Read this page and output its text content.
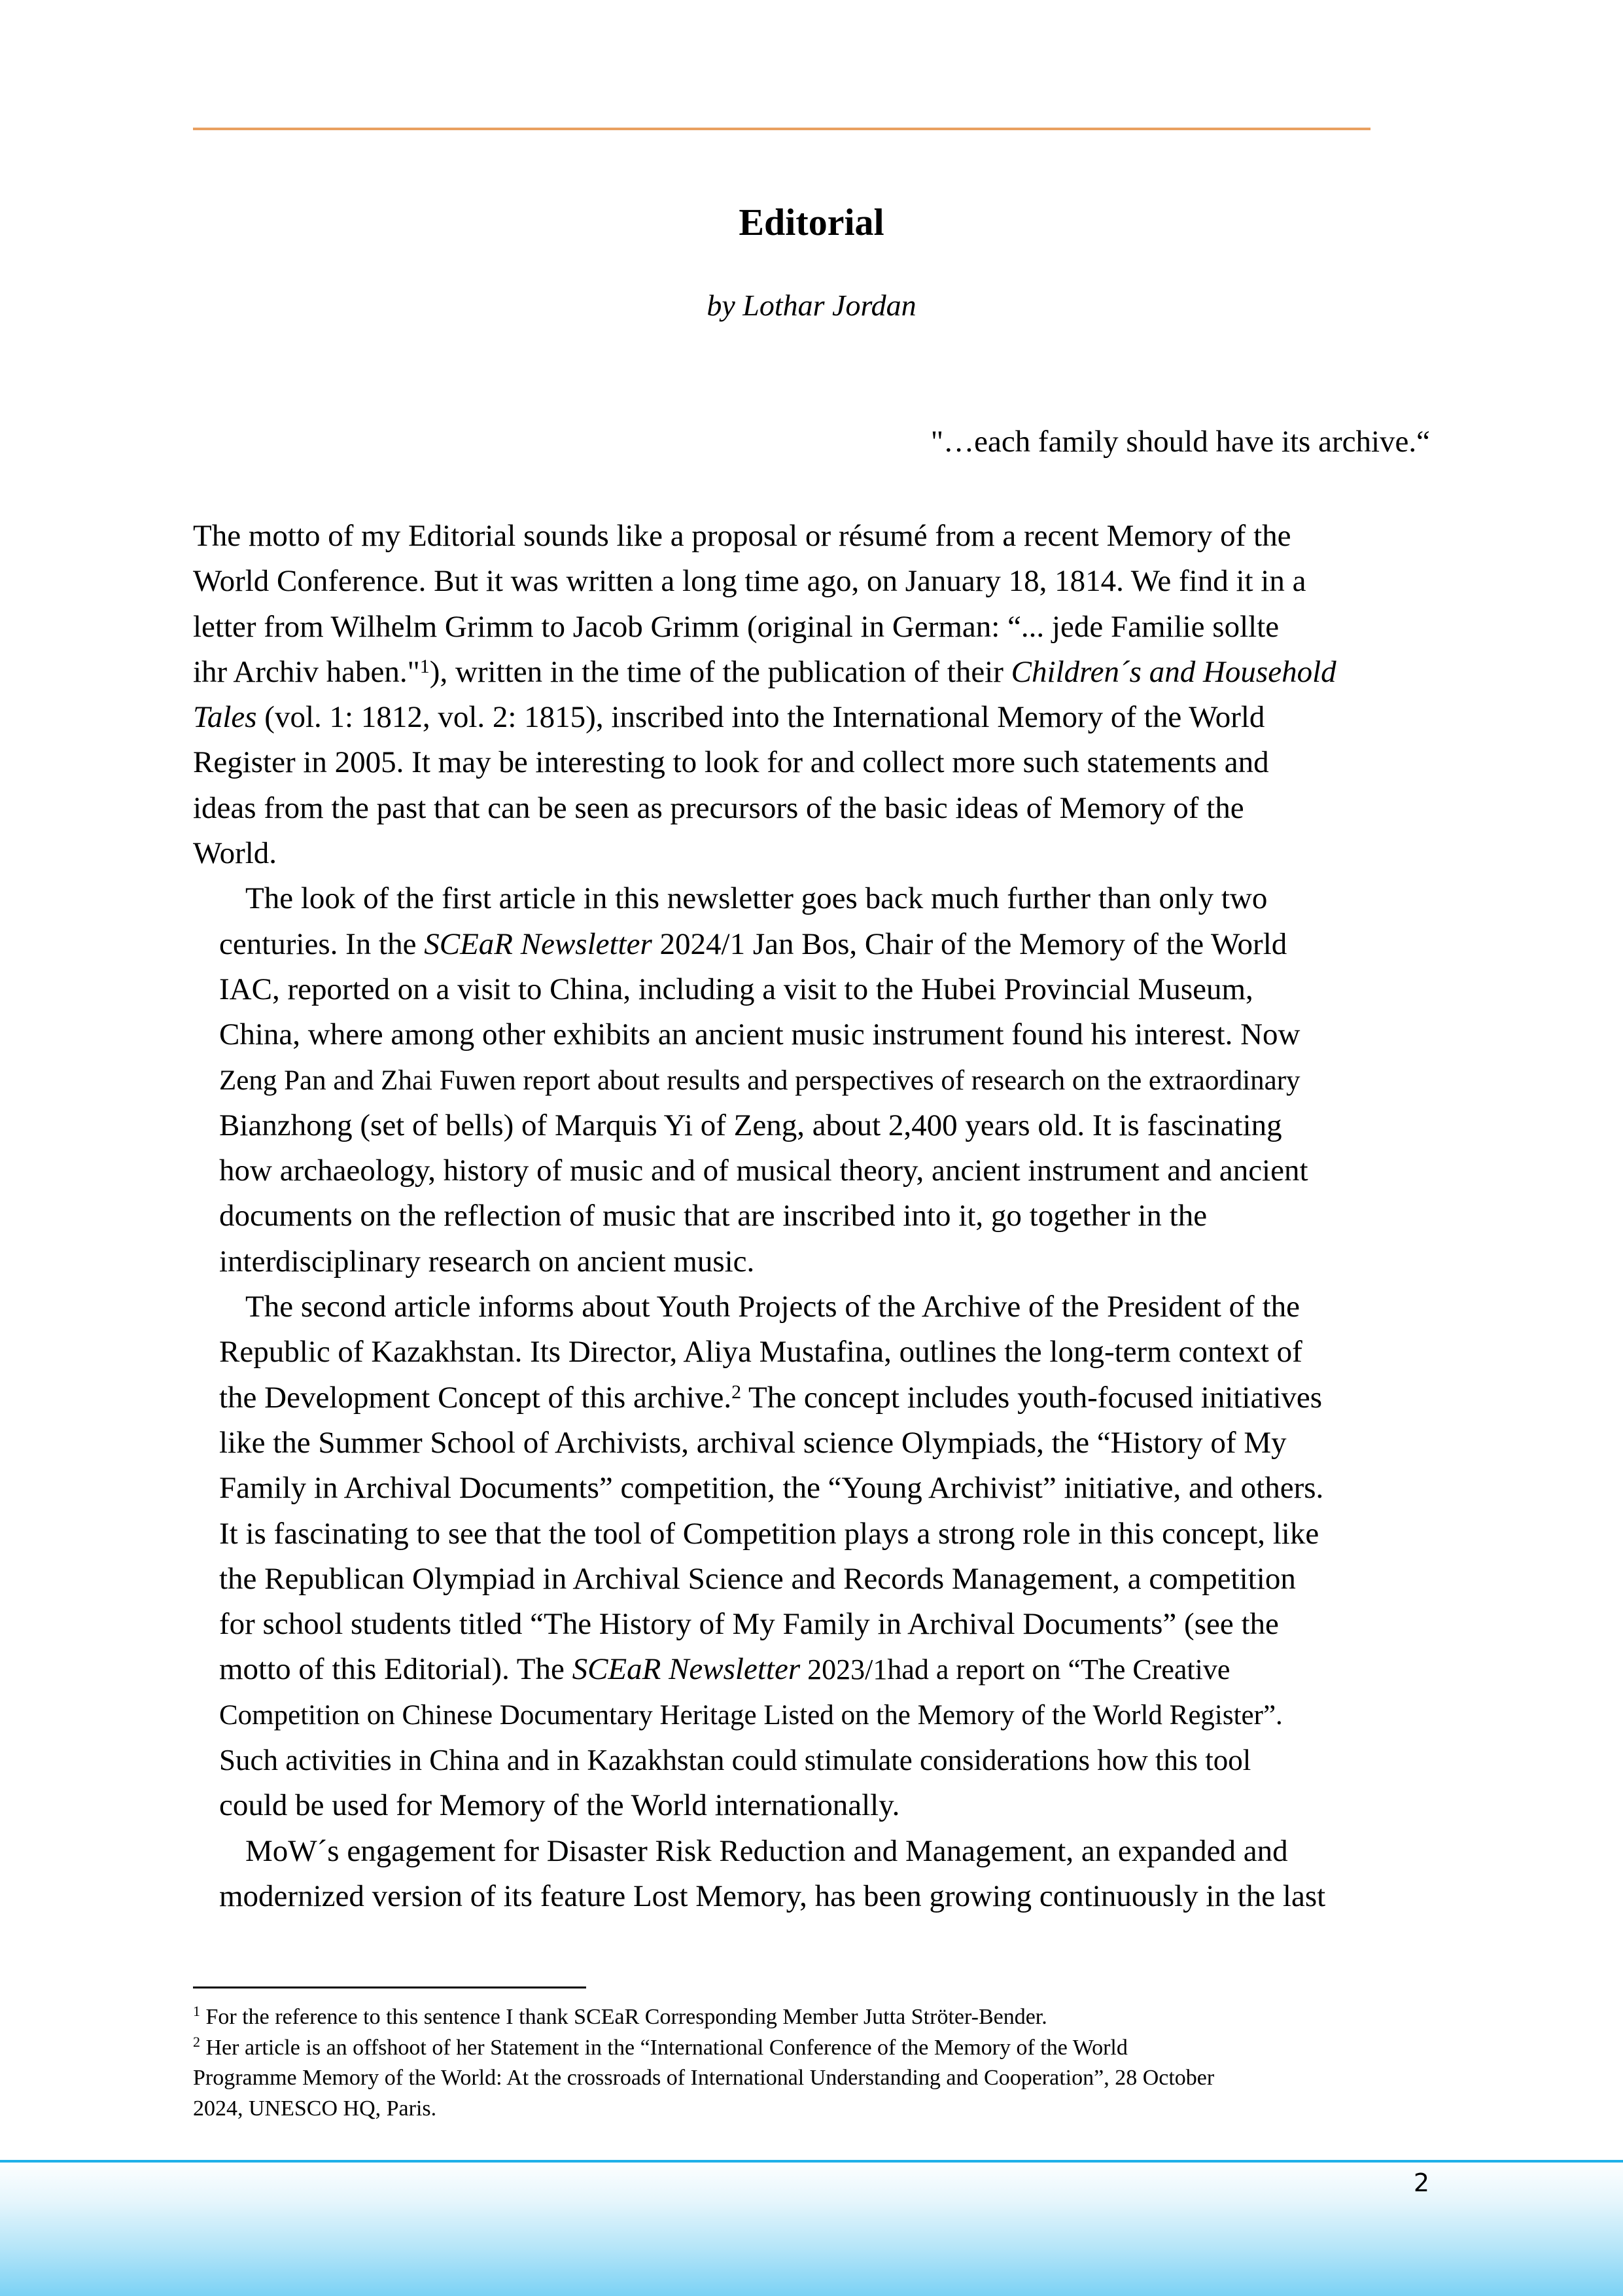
Editorial
by Lothar Jordan
"…each family should have its archive.“

The motto of my Editorial sounds like a proposal or résumé from a recent Memory of the
World Conference. But it was written a long time ago, on January 18, 1814. We find it in a
letter from Wilhelm Grimm to Jacob Grimm (original in German: “... jede Familie sollte
ihr Archiv haben."$^1$), written in the time of the publication of their Children´s and Household
Tales (vol. 1: 1812, vol. 2: 1815), inscribed into the International Memory of the World
Register in 2005. It may be interesting to look for and collect more such statements and
ideas from the past that can be seen as precursors of the basic ideas of Memory of the
World.

The look of the first article in this newsletter goes back much further than only two
centuries. In the SCEaR Newsletter 2024/1 Jan Bos, Chair of the Memory of the World
IAC, reported on a visit to China, including a visit to the Hubei Provincial Museum,
China, where among other exhibits an ancient music instrument found his interest. Now
Zeng Pan and Zhai Fuwen report about results and perspectives of research on the extraordinary
Bianzhong (set of bells) of Marquis Yi of Zeng, about 2,400 years old. It is fascinating
how archaeology, history of music and of musical theory, ancient instrument and ancient
documents on the reflection of music that are inscribed into it, go together in the
interdisciplinary research on ancient music.

The second article informs about Youth Projects of the Archive of the President of the
Republic of Kazakhstan. Its Director, Aliya Mustafina, outlines the long-term context of
the Development Concept of this archive.$^2$ The concept includes youth-focused initiatives
like the Summer School of Archivists, archival science Olympiads, the “History of My
Family in Archival Documents” competition, the “Young Archivist” initiative, and others.
It is fascinating to see that the tool of Competition plays a strong role in this concept, like
the Republican Olympiad in Archival Science and Records Management, a competition
for school students titled “The History of My Family in Archival Documents” (see the
motto of this Editorial). The SCEaR Newsletter 2023/1had a report on “The Creative
Competition on Chinese Documentary Heritage Listed on the Memory of the World Register”.
Such activities in China and in Kazakhstan could stimulate considerations how this tool
could be used for Memory of the World internationally.

MoW´s engagement for Disaster Risk Reduction and Management, an expanded and
modernized version of its feature Lost Memory, has been growing continuously in the last

$^1$ For the reference to this sentence I thank SCEaR Corresponding Member Jutta Ströter-Bender.
$^2$ Her article is an offshoot of her Statement in the “International Conference of the Memory of the World
Programme Memory of the World: At the crossroads of International Understanding and Cooperation”, 28 October
2024, UNESCO HQ, Paris.
2
